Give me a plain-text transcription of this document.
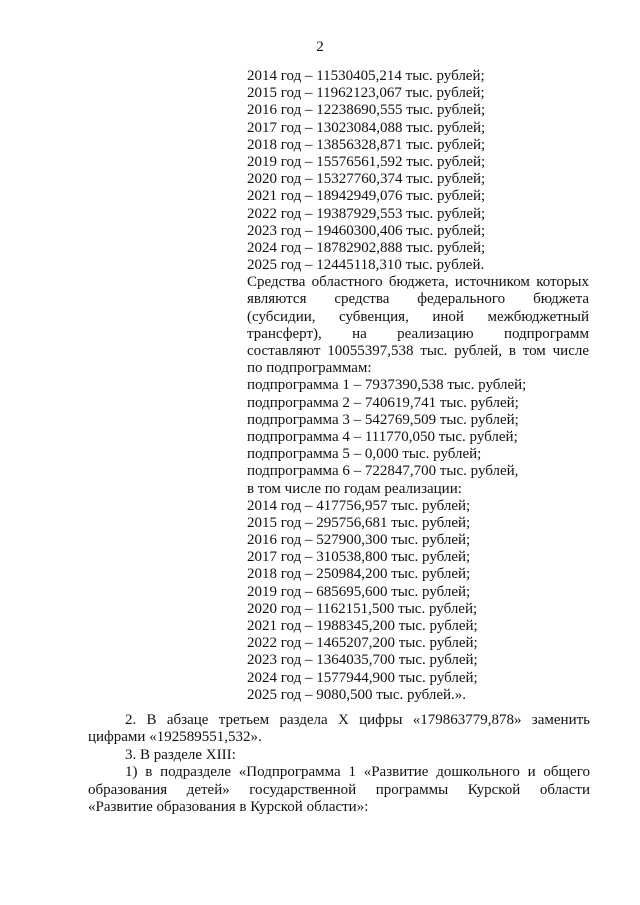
2
2014 год – 11530405,214 тыс. рублей;
2015 год – 11962123,067 тыс. рублей;
2016 год – 12238690,555 тыс. рублей;
2017 год – 13023084,088 тыс. рублей;
2018 год – 13856328,871 тыс. рублей;
2019 год – 15576561,592 тыс. рублей;
2020 год – 15327760,374 тыс. рублей;
2021 год – 18942949,076 тыс. рублей;
2022 год – 19387929,553 тыс. рублей;
2023 год – 19460300,406 тыс. рублей;
2024 год – 18782902,888 тыс. рублей;
2025 год – 12445118,310 тыс. рублей.
Средства областного бюджета, источником которых
являются средства федерального бюджета
(субсидии, субвенция, иной межбюджетный
трансферт), на реализацию подпрограмм
составляют 10055397,538 тыс. рублей, в том числе
по подпрограммам:
подпрограмма 1 – 7937390,538 тыс. рублей;
подпрограмма 2 – 740619,741 тыс. рублей;
подпрограмма 3 – 542769,509 тыс. рублей;
подпрограмма 4 – 111770,050 тыс. рублей;
подпрограмма 5 – 0,000 тыс. рублей;
подпрограмма 6 – 722847,700 тыс. рублей,
в том числе по годам реализации:
2014 год – 417756,957 тыс. рублей;
2015 год – 295756,681 тыс. рублей;
2016 год – 527900,300 тыс. рублей;
2017 год – 310538,800 тыс. рублей;
2018 год – 250984,200 тыс. рублей;
2019 год – 685695,600 тыс. рублей;
2020 год – 1162151,500 тыс. рублей;
2021 год – 1988345,200 тыс. рублей;
2022 год – 1465207,200 тыс. рублей;
2023 год – 1364035,700 тыс. рублей;
2024 год – 1577944,900 тыс. рублей;
2025 год – 9080,500 тыс. рублей.».
2. В абзаце третьем раздела X цифры «179863779,878» заменить
цифрами «192589551,532».
3. В разделе XIII:
1) в подразделе «Подпрограмма 1 «Развитие дошкольного и общего
образования детей» государственной программы Курской области
«Развитие образования в Курской области»:
